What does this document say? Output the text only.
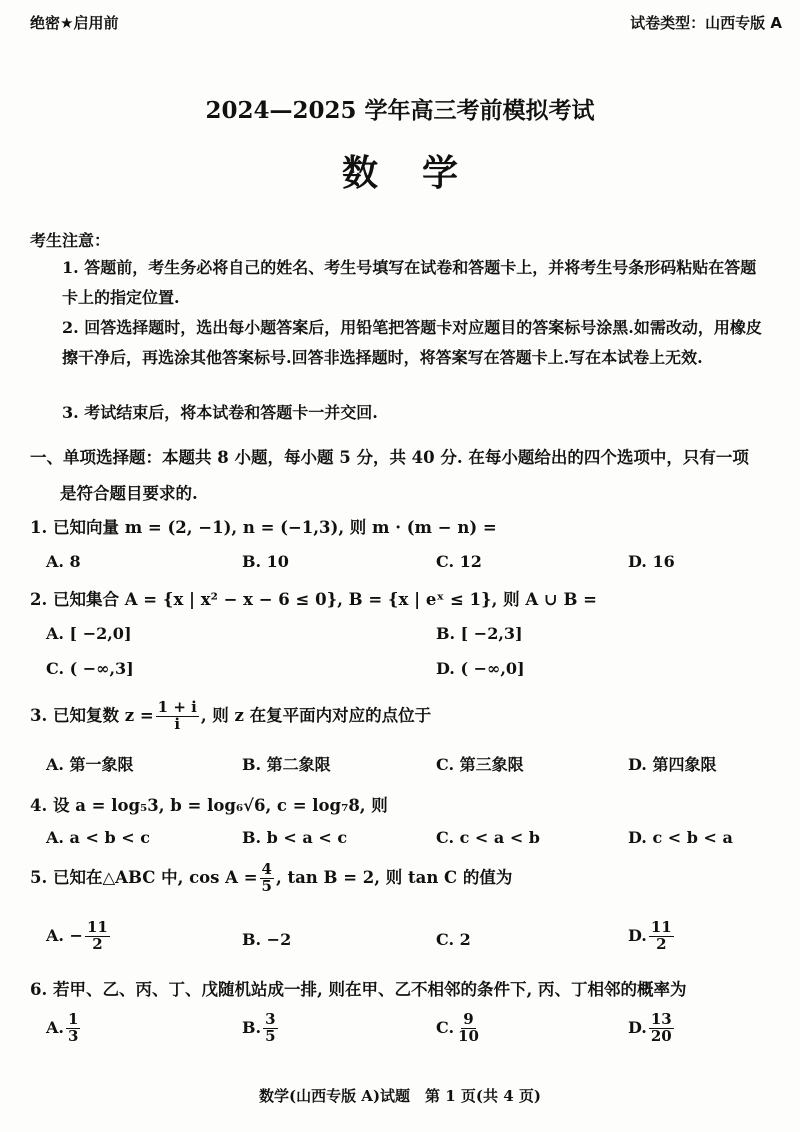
绝密★启用前	试卷类型：山西专版 A
2024—2025 学年高三考前模拟考试
数学
考生注意：
1. 答题前，考生务必将自己的姓名、考生号填写在试卷和答题卡上，并将考生号条形码粘贴在答题卡上的指定位置.
2. 回答选择题时，选出每小题答案后，用铅笔把答题卡对应题目的答案标号涂黑.如需改动，用橡皮擦干净后，再选涂其他答案标号.回答非选择题时，将答案写在答题卡上.写在本试卷上无效.
3. 考试结束后，将本试卷和答题卡一并交回.
一、单项选择题：本题共 8 小题，每小题 5 分，共 40 分. 在每小题给出的四个选项中，只有一项
是符合题目要求的.
1. 已知向量 m = (2, −1), n = (−1,3), 则 m · (m − n) =
A. 8	B. 10	C. 12	D. 16
2. 已知集合 A = {x | x² − x − 6 ≤ 0}, B = {x | eˣ ≤ 1}, 则 A ∪ B =
A. [ −2,0]	B. [ −2,3]
C. ( −∞,3]	D. ( −∞,0]
3. 已知复数 $z = \frac{1 + i}{i}$ , 则 z 在复平面内对应的点位于
A. 第一象限	B. 第二象限	C. 第三象限	D. 第四象限
4. 设 a = log₅3, b = log₆√6, c = log₇8, 则
A. a < b < c	B. b < a < c	C. c < a < b	D. c < b < a
5. 已知在△ABC 中, $\cos A = \frac{4}{5}$ , tan B = 2, 则 tan C 的值为
A. − $\frac{11}{2}$	B. −2	C. 2	D. $\frac{11}{2}$
6. 若甲、乙、丙、丁、戊随机站成一排, 则在甲、乙不相邻的条件下, 丙、丁相邻的概率为
A. $\frac{1}{3}$	B. $\frac{3}{5}$	C. $\frac{9}{10}$	D. $\frac{13}{20}$
数学(山西专版 A)试题　第 1 页(共 4 页)
